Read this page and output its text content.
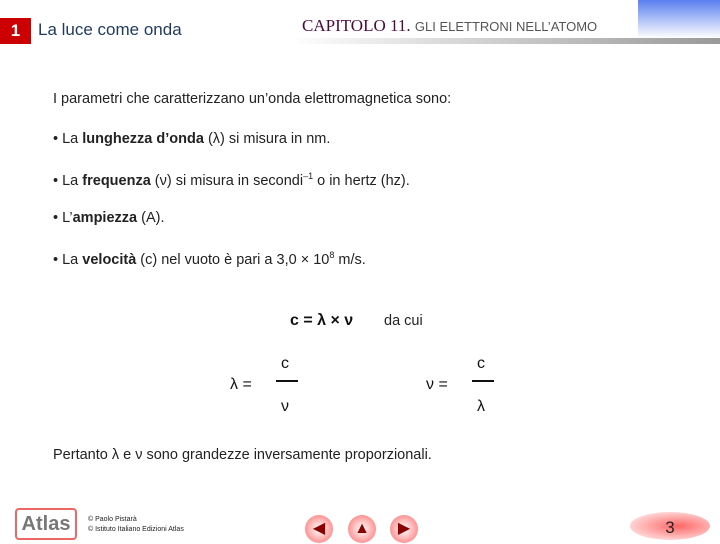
1	La luce come onda	CAPITOLO 11. GLI ELETTRONI NELL’ATOMO
I parametri che caratterizzano un’onda elettromagnetica sono:
• La lunghezza d’onda (λ) si misura in nm.
• La frequenza (ν) si misura in secondi$^{-1}$ o in hertz (hz).
• L’ampiezza (A).
• La velocità (c) nel vuoto è pari a $3,0 \times 10^8$ m/s.
c = λ × ν da cui
λ =
c
ν
ν =
c
λ
Pertanto λ e ν sono grandezze inversamente proporzionali.
Atlas	© Paolo Pistarà
© Istituto Italiano Edizioni Atlas	◀	▲	▶	3
